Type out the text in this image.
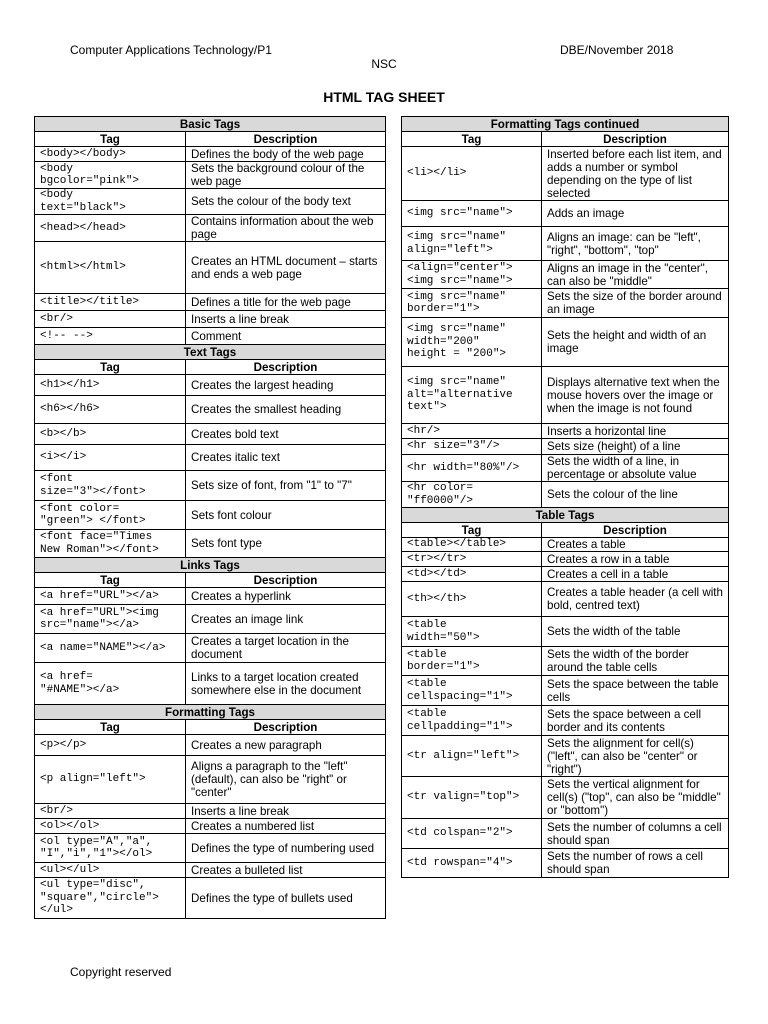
Computer Applications Technology/P1	DBE/November 2018
NSC
HTML TAG SHEET
Basic Tags	
Tag	Description
<body></body>	Defines the body of the web page
<body
bgcolor="pink">	Sets the background colour of the web page
<body
text="black">	Sets the colour of the body text
<head></head>	Contains information about the web page
<html></html>	Creates an HTML document – starts and ends a web page
<title></title>	Defines a title for the web page
<br/>	Inserts a line break
<!-- -->	Comment
Text Tags	
Tag	Description
<h1></h1>	Creates the largest heading
<h6></h6>	Creates the smallest heading
<b></b>	Creates bold text
<i></i>	Creates italic text
<font
size="3"></font>	Sets size of font, from "1" to "7"
<font color=
"green"> </font>	Sets font colour
<font face="Times
New Roman"></font>	Sets font type
Links Tags	
Tag	Description
<a href="URL"></a>	Creates a hyperlink
<a href="URL"><img
src="name"></a>	Creates an image link
<a name="NAME"></a>	Creates a target location in the document
<a href=
"#NAME"></a>	Links to a target location created somewhere else in the document
Formatting Tags	
Tag	Description
<p></p>	Creates a new paragraph
<p align="left">	Aligns a paragraph to the "left" (default), can also be "right" or "center"
<br/>	Inserts a line break
<ol></ol>	Creates a numbered list
<ol type="A","a",
"I","i","1"></ol>	Defines the type of numbering used
<ul></ul>	Creates a bulleted list
<ul type="disc",
"square","circle">
</ul>	Defines the type of bullets used
Formatting Tags continued	
Tag	Description
<li></li>	Inserted before each list item, and adds a number or symbol depending on the type of list selected
<img src="name">	Adds an image
<img src="name"
align="left">	Aligns an image: can be "left", "right", "bottom", "top"
<align="center">
<img src="name">	Aligns an image in the "center", can also be "middle"
<img src="name"
border="1">	Sets the size of the border around an image
<img src="name"
width="200"
height = "200">	Sets the height and width of an image
<img src="name"
alt="alternative
text">	Displays alternative text when the mouse hovers over the image or when the image is not found
<hr/>	Inserts a horizontal line
<hr size="3"/>	Sets size (height) of a line
<hr width="80%"/>	Sets the width of a line, in percentage or absolute value
<hr color=
"ff0000"/>	Sets the colour of the line
Table Tags	
Tag	Description
<table></table>	Creates a table
<tr></tr>	Creates a row in a table
<td></td>	Creates a cell in a table
<th></th>	Creates a table header (a cell with bold, centred text)
<table
width="50">	Sets the width of the table
<table
border="1">	Sets the width of the border around the table cells
<table
cellspacing="1">	Sets the space between the table cells
<table
cellpadding="1">	Sets the space between a cell border and its contents
<tr align="left">	Sets the alignment for cell(s) ("left", can also be "center" or "right")
<tr valign="top">	Sets the vertical alignment for cell(s) ("top", can also be "middle" or "bottom")
<td colspan="2">	Sets the number of columns a cell should span
<td rowspan="4">	Sets the number of rows a cell should span
Copyright reserved
